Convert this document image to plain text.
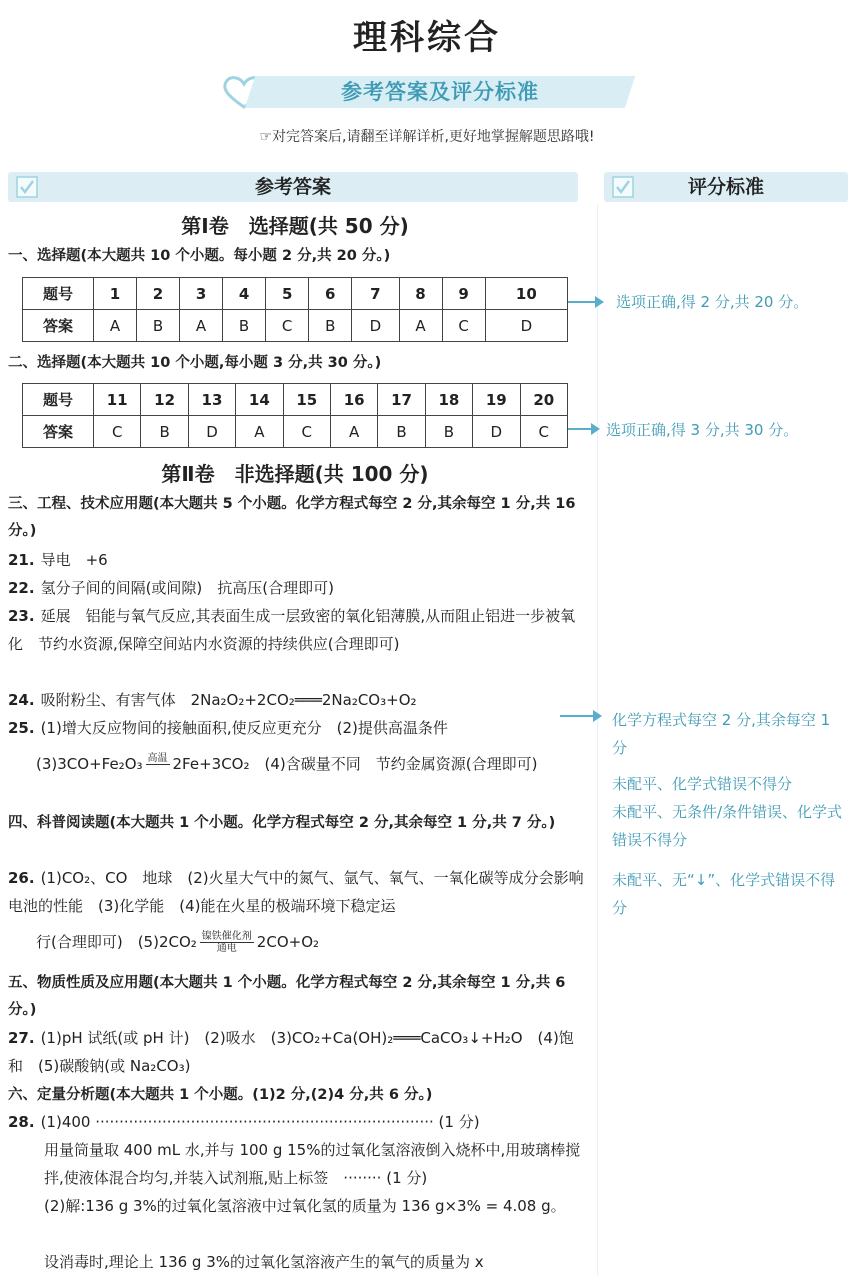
理科综合
参考答案及评分标准
☞对完答案后,请翻至详解详析,更好地掌握解题思路哦!
参考答案	评分标准
第Ⅰ卷　选择题(共 50 分)
一、选择题(本大题共 10 个小题。每小题 2 分,共 20 分。)
题号	1	2	3	4	5	6	7	8	9	10
答案	A	B	A	B	C	B	D	A	C	D
选项正确,得 2 分,共 20 分。
二、选择题(本大题共 10 个小题,每小题 3 分,共 30 分。)
题号	11	12	13	14	15	16	17	18	19	20
答案	C	B	D	A	C	A	B	B	D	C	选项正确,得 3 分,共 30 分。
第Ⅱ卷　非选择题(共 100 分)
三、工程、技术应用题(本大题共 5 个小题。化学方程式每空 2 分,其余每空 1 分,共 16 分。)
21. 导电　+6
22. 氢分子间的间隔(或间隙)　抗高压(合理即可)
23. 延展　铝能与氧气反应,其表面生成一层致密的氧化铝薄膜,从而阻止铝进一步被氧化　节约水资源,保障空间站内水资源的持续供应(合理即可)
24. 吸附粉尘、有害气体　2Na₂O₂+2CO₂═══2Na₂CO₃+O₂
25. (1)增大反应物间的接触面积,使反应更充分　(2)提供高温条件
(3)3CO+Fe₂O₃ 高温
2Fe+3CO₂　(4)含碳量不同　节约金属资源(合理即可)
化学方程式每空 2 分,其余每空 1 分
未配平、化学式错误不得分
未配平、无条件/条件错误、化学式错误不得分
未配平、无“↓”、化学式错误不得分
四、科普阅读题(本大题共 1 个小题。化学方程式每空 2 分,其余每空 1 分,共 7 分。)
26. (1)CO₂、CO　地球　(2)火星大气中的氮气、氩气、氧气、一氧化碳等成分会影响电池的性能　(3)化学能　(4)能在火星的极端环境下稳定运
行(合理即可)　$(5)2CO_2 \frac{\text{镍铁催化剂}}{\text{通电}} 2CO+O_2$
五、物质性质及应用题(本大题共 1 个小题。化学方程式每空 2 分,其余每空 1 分,共 6 分。)
27. (1)pH 试纸(或 pH 计)　(2)吸水　(3)CO₂+Ca(OH)₂═══CaCO₃↓+H₂O　(4)饱和　(5)碳酸钠(或 Na₂CO₃)
六、定量分析题(本大题共 1 个小题。(1)2 分,(2)4 分,共 6 分。)
28. (1)400 ······································································· (1 分)
用量筒量取 400 mL 水,并与 100 g 15%的过氧化氢溶液倒入烧杯中,用玻璃棒搅拌,使液体混合均匀,并装入试剂瓶,贴上标签　········ (1 分)
(2)解:136 g 3%的过氧化氢溶液中过氧化氢的质量为 136 g×3% = 4.08 g。
设消毒时,理论上 136 g 3%的过氧化氢溶液产生的氧气的质量为 x
